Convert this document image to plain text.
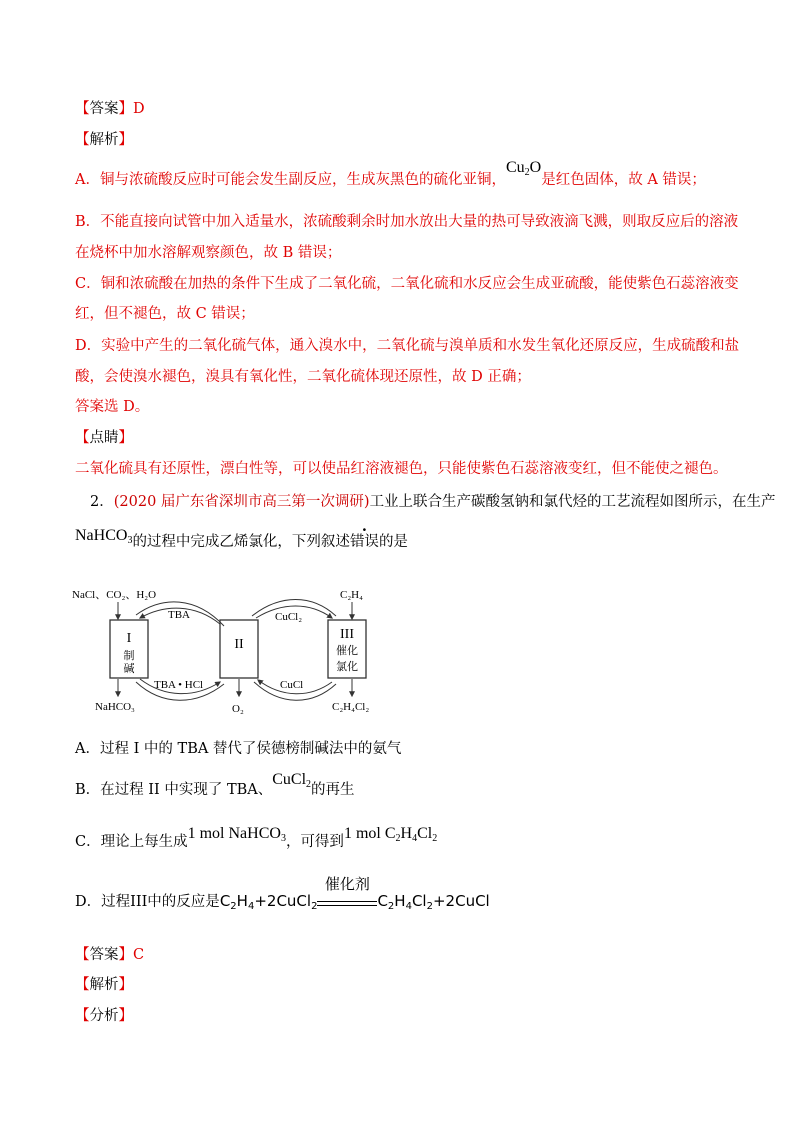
【答案】D
【解析】
A．铜与浓硫酸反应时可能会发生副反应，生成灰黑色的硫化亚铜，$Cu_2O$是红色固体，故 A 错误；
B．不能直接向试管中加入适量水，浓硫酸剩余时加水放出大量的热可导致液滴飞溅，则取反应后的溶液
在烧杯中加水溶解观察颜色，故 B 错误；
C．铜和浓硫酸在加热的条件下生成了二氧化硫，二氧化硫和水反应会生成亚硫酸，能使紫色石蕊溶液变
红，但不褪色，故 C 错误；
D．实验中产生的二氧化硫气体，通入溴水中，二氧化硫与溴单质和水发生氧化还原反应，生成硫酸和盐
酸，会使溴水褪色，溴具有氧化性，二氧化硫体现还原性，故 D 正确；
答案选 D。
【点睛】
二氧化硫具有还原性，漂白性等，可以使品红溶液褪色，只能使紫色石蕊溶液变红，但不能使之褪色。
2．(2020 届广东省深圳市高三第一次调研)工业上联合生产碳酸氢钠和氯代烃的工艺流程如图所示，在生产
NaHCO$_3$的过程中完成乙烯氯化，下列叙述错误的是
I
制
碱
II
III
催化
氯化
NaCl、CO₂、H₂O
NaHCO₃	O₂
C₂H₄
C₂H₄Cl₂
TBA
TBA • HCl
CuCl₂
CuCl
A．过程 I 中的 TBA 替代了侯德榜制碱法中的氨气
B．在过程 II 中实现了 TBA、CuCl$_2$的再生
C．理论上每生成1 mol NaHCO$_3$，可得到1 mol $C_2H_4Cl_2$
D．过程III中的反应是$C_2H_4+2CuCl_2$
催化剂
$C_2H_4Cl_2+2CuCl$
【答案】C
【解析】
【分析】
